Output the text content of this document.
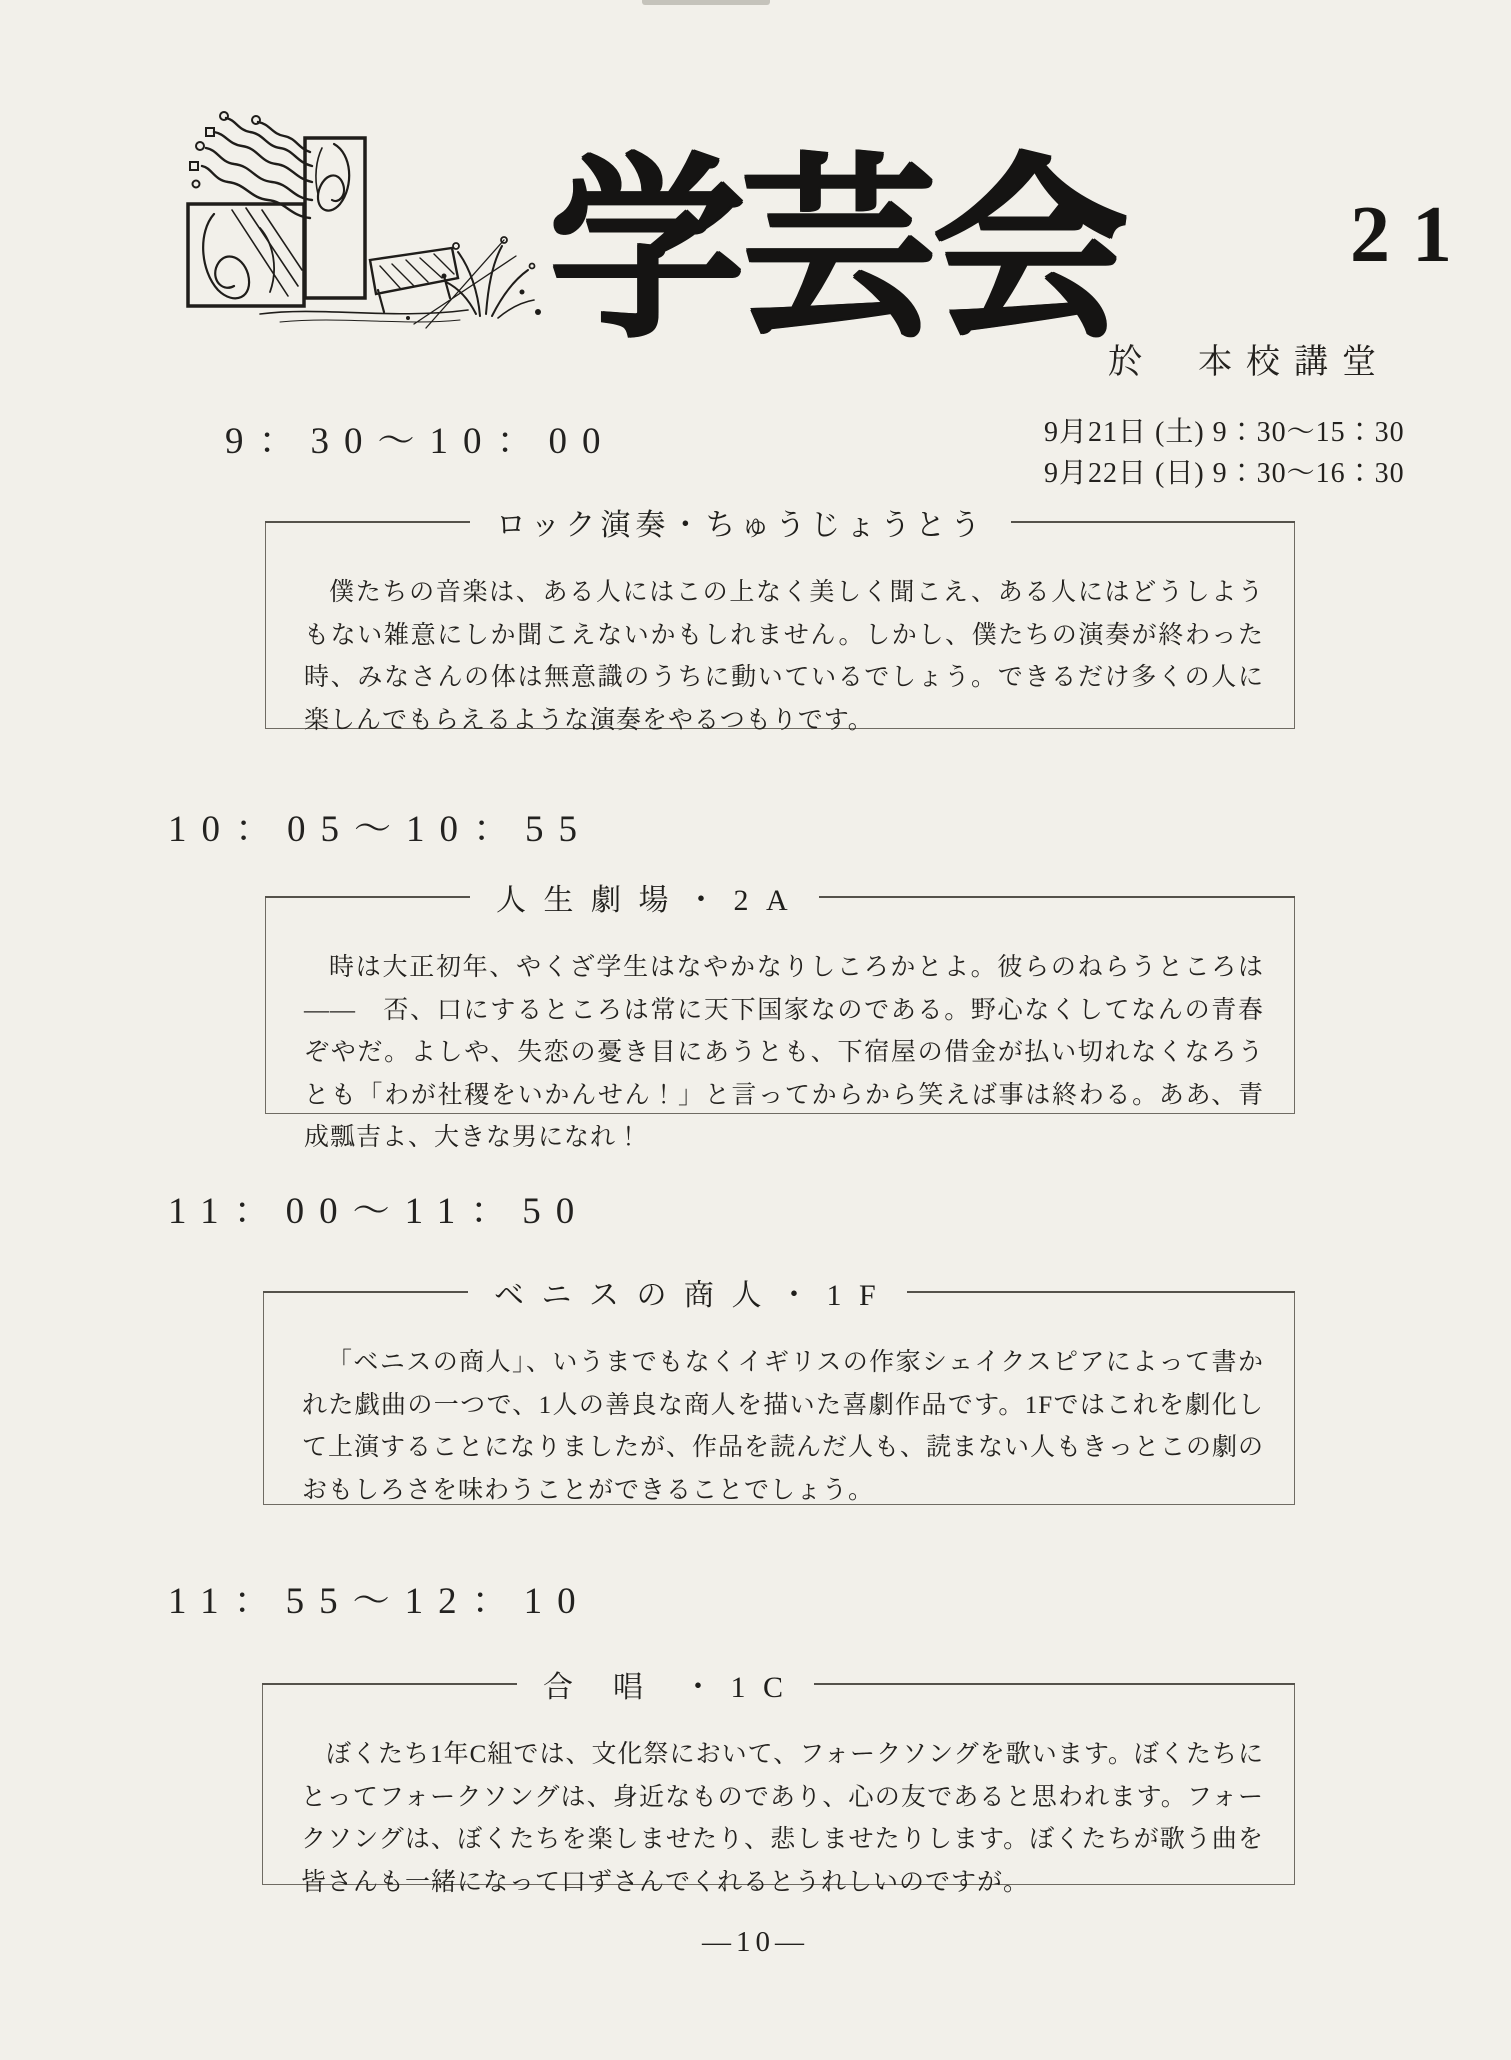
学芸会	21
於 本校講堂
9月21日 (土) 9：30～15：30
9月22日 (日) 9：30～16：30
9：30～10：00
ロック演奏・ちゅうじょうとう

僕たちの音楽は、ある人にはこの上なく美しく聞こえ、ある人にはどうしようもない雑意にしか聞こえないかもしれません。しかし、僕たちの演奏が終わった時、みなさんの体は無意識のうちに動いているでしょう。できるだけ多くの人に楽しんでもらえるような演奏をやるつもりです。

10：05～10：55
人 生 劇 場 ・ 2 A

時は大正初年、やくざ学生はなやかなりしころかとよ。彼らのねらうところは――　否、口にするところは常に天下国家なのである。野心なくしてなんの青春ぞやだ。よしや、失恋の憂き目にあうとも、下宿屋の借金が払い切れなくなろうとも「わが社稷をいかんせん！」と言ってからから笑えば事は終わる。ああ、青成瓢吉よ、大きな男になれ！

11：00～11：50
ベ ニ ス の 商 人 ・ 1 F

「ベニスの商人」、いうまでもなくイギリスの作家シェイクスピアによって書かれた戯曲の一つで、1人の善良な商人を描いた喜劇作品です。1Fではこれを劇化して上演することになりましたが、作品を読んだ人も、読まない人もきっとこの劇のおもしろさを味わうことができることでしょう。

11：55～12：10
合　唱　・ 1 C

ぼくたち1年C組では、文化祭において、フォークソングを歌います。ぼくたちにとってフォークソングは、身近なものであり、心の友であると思われます。フォークソングは、ぼくたちを楽しませたり、悲しませたりします。ぼくたちが歌う曲を皆さんも一緒になって口ずさんでくれるとうれしいのですが。

—10—
